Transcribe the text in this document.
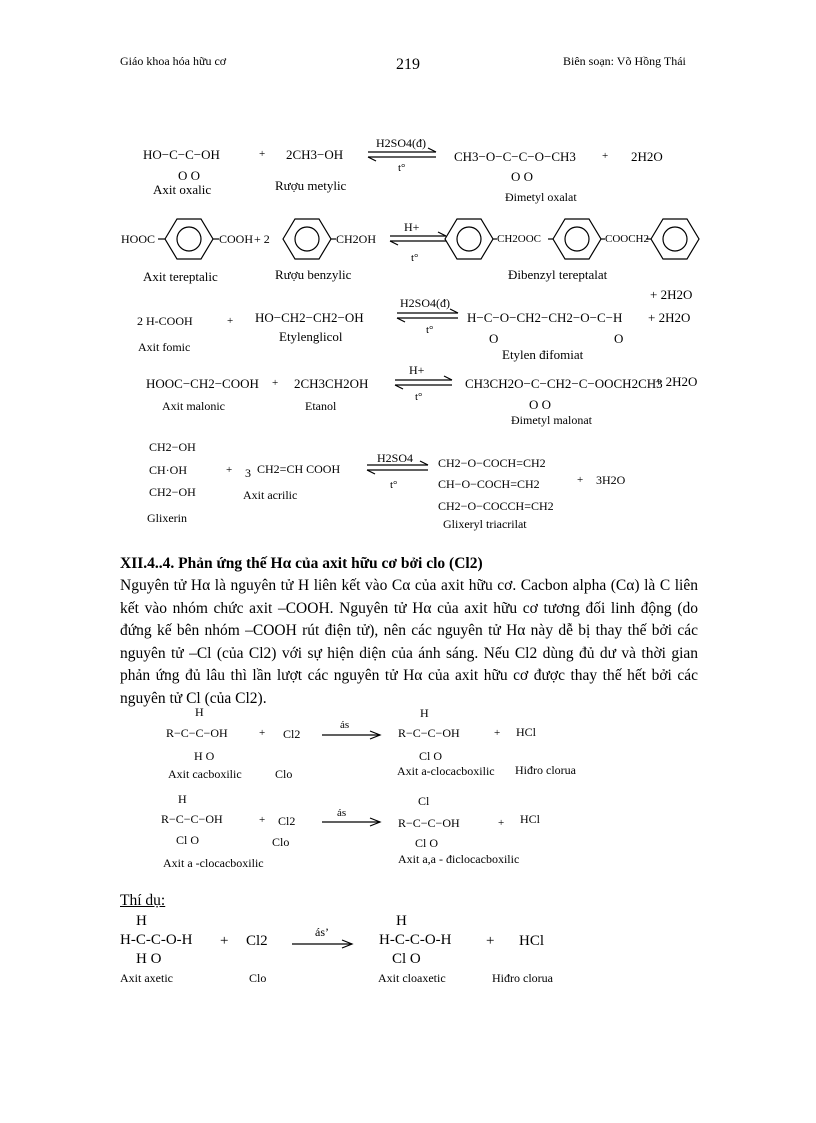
Giáo khoa hóa hữu cơ	219	Biên soạn: Võ Hồng Thái
HO−C−C−OH
O O
+ 2CH3−OH
H2SO4(đ)
t°
CH3−O−C−C−O−CH3
O O
+ 2H2O
Axit oxalic	Rượu metylic
Đimetyl oxalat
HOOC	COOH + 2	CH2OH
H+
t°
CH2OOC	COOCH2
Axit tereptalic	Rượu benzylic	Đibenzyl tereptalat
2 H-COOH	+ HO−CH2−CH2−OH
H2SO4(đ)
t°
H−C−O−CH2−CH2−O−C−H
O	O
+ 2H2O
+ 2H2O
Axit fomic
Etylenglicol
Etylen đifomiat
HOOC−CH2−COOH + 2CH3CH2OH
H+
t°
CH3CH2O−C−CH2−C−OOCH2CH3
O O
+ 2H2O
Axit malonic	Etanol
Đimetyl malonat
CH2−OH
CH·OH
CH2−OH
+ 3 CH2=CH COOH
H2SO4
t°
CH2−O−COCH=CH2
CH−O−COCH=CH2
CH2−O−COCCH=CH2
+ 3H2O
Glixerin
Axit acrilic
Glixeryl triacrilat
XII.4..4. Phản ứng thế Hα của axit hữu cơ bởi clo (Cl2)
Nguyên tử Hα là nguyên tử H liên kết vào Cα của axit hữu cơ. Cacbon alpha (Cα) là C liên kết vào nhóm chức axit –COOH. Nguyên tử Hα của axit hữu cơ tương đối linh động (do đứng kế bên nhóm –COOH rút điện tử), nên các nguyên tử Hα này dễ bị thay thế bởi các nguyên tử –Cl (của Cl2) với sự hiện diện của ánh sáng. Nếu Cl2 dùng đủ dư và thời gian phản ứng đủ lâu thì lần lượt các nguyên tử Hα của axit hữu cơ được thay thế hết bởi các nguyên tử Cl (của Cl2).
H
R−C−C−OH
H O
+ Cl2
ás
H
R−C−C−OH
Cl O
+ HCl
Axit cacboxilic	Clo	Axit a-clocacboxilic Hiđro clorua
H
R−C−C−OH
Cl O
+ Cl2
Clo
ás
Cl
R−C−C−OH
Cl O
+ HCl
Axit a -clocacboxilic	Axit a,a - điclocacboxilic
Thí dụ:
H
H-C-C-O-H
H O
+ Cl2
ás’
H
H-C-C-O-H
Cl O
+ HCl
Axit axetic	Clo	Axit cloaxetic	Hiđro clorua
